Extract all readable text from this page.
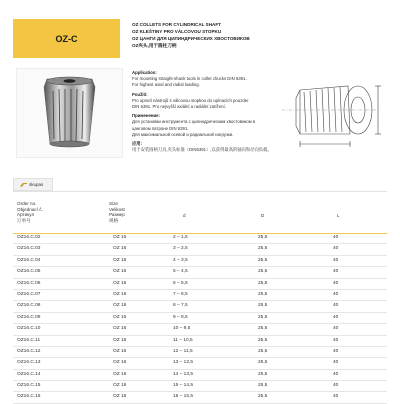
OZ-C
OZ COLLETS FOR CYLINDRICAL SHAFT
OZ KLEŠTINY PRO VÁLCOVOU STOPKU
OZ ЦАНГИ ДЛЯ ЦИЛИНДРИЧЕСКИХ ХВОСТОВИКОВ
OZ夹头,用于圆柱刀柄

Application:
For mounting straight-shank tools in collet chucks DIN 6391.
For highest axial and radial loading.

Použití:
Pro upnutí nástrojů s válcovou stopkou do upínacích pouzder
DIN 6391. Pro nejvyšší axiální a radiální zatížení.

Применение:
Для установки инструмента с цилиндрическим хвостовиком в
цанговом патроне DIN 6391.
Для максимальной осевой и радиальной нагрузки.

应用：
用于安装圆柄刀具,夹头标准（DIN6391）,以获得最高的轴向和径向负载。

skupas
Order no.
Objednací č.
Артикул
订单号
Size
Velikost
Размер
规格
d	D	L
OZ16.C.02	OZ 16	2 – 1,5	25,5	40
OZ16.C.03	OZ 16	3 – 2,5	25,5	40
OZ16.C.04	OZ 16	4 – 3,5	25,5	40
OZ16.C.05	OZ 16	5 – 4,5	25,5	40
OZ16.C.06	OZ 16	6 – 5,5	25,5	40
OZ16.C.07	OZ 16	7 – 6,5	25,5	40
OZ16.C.08	OZ 16	8 – 7,5	25,5	40
OZ16.C.09	OZ 16	9 – 8,5	25,5	40
OZ16.C.10	OZ 16	10 – 9,5	25,5	40
OZ16.C.11	OZ 16	11 – 10,5	25,5	40
OZ16.C.12	OZ 16	12 – 11,5	25,5	40
OZ16.C.13	OZ 16	13 – 12,5	25,5	40
OZ16.C.14	OZ 16	14 – 13,5	25,5	40
OZ16.C.15	OZ 16	15 – 14,5	25,5	40
OZ16.C.16	OZ 16	16 – 15,5	25,5	40
